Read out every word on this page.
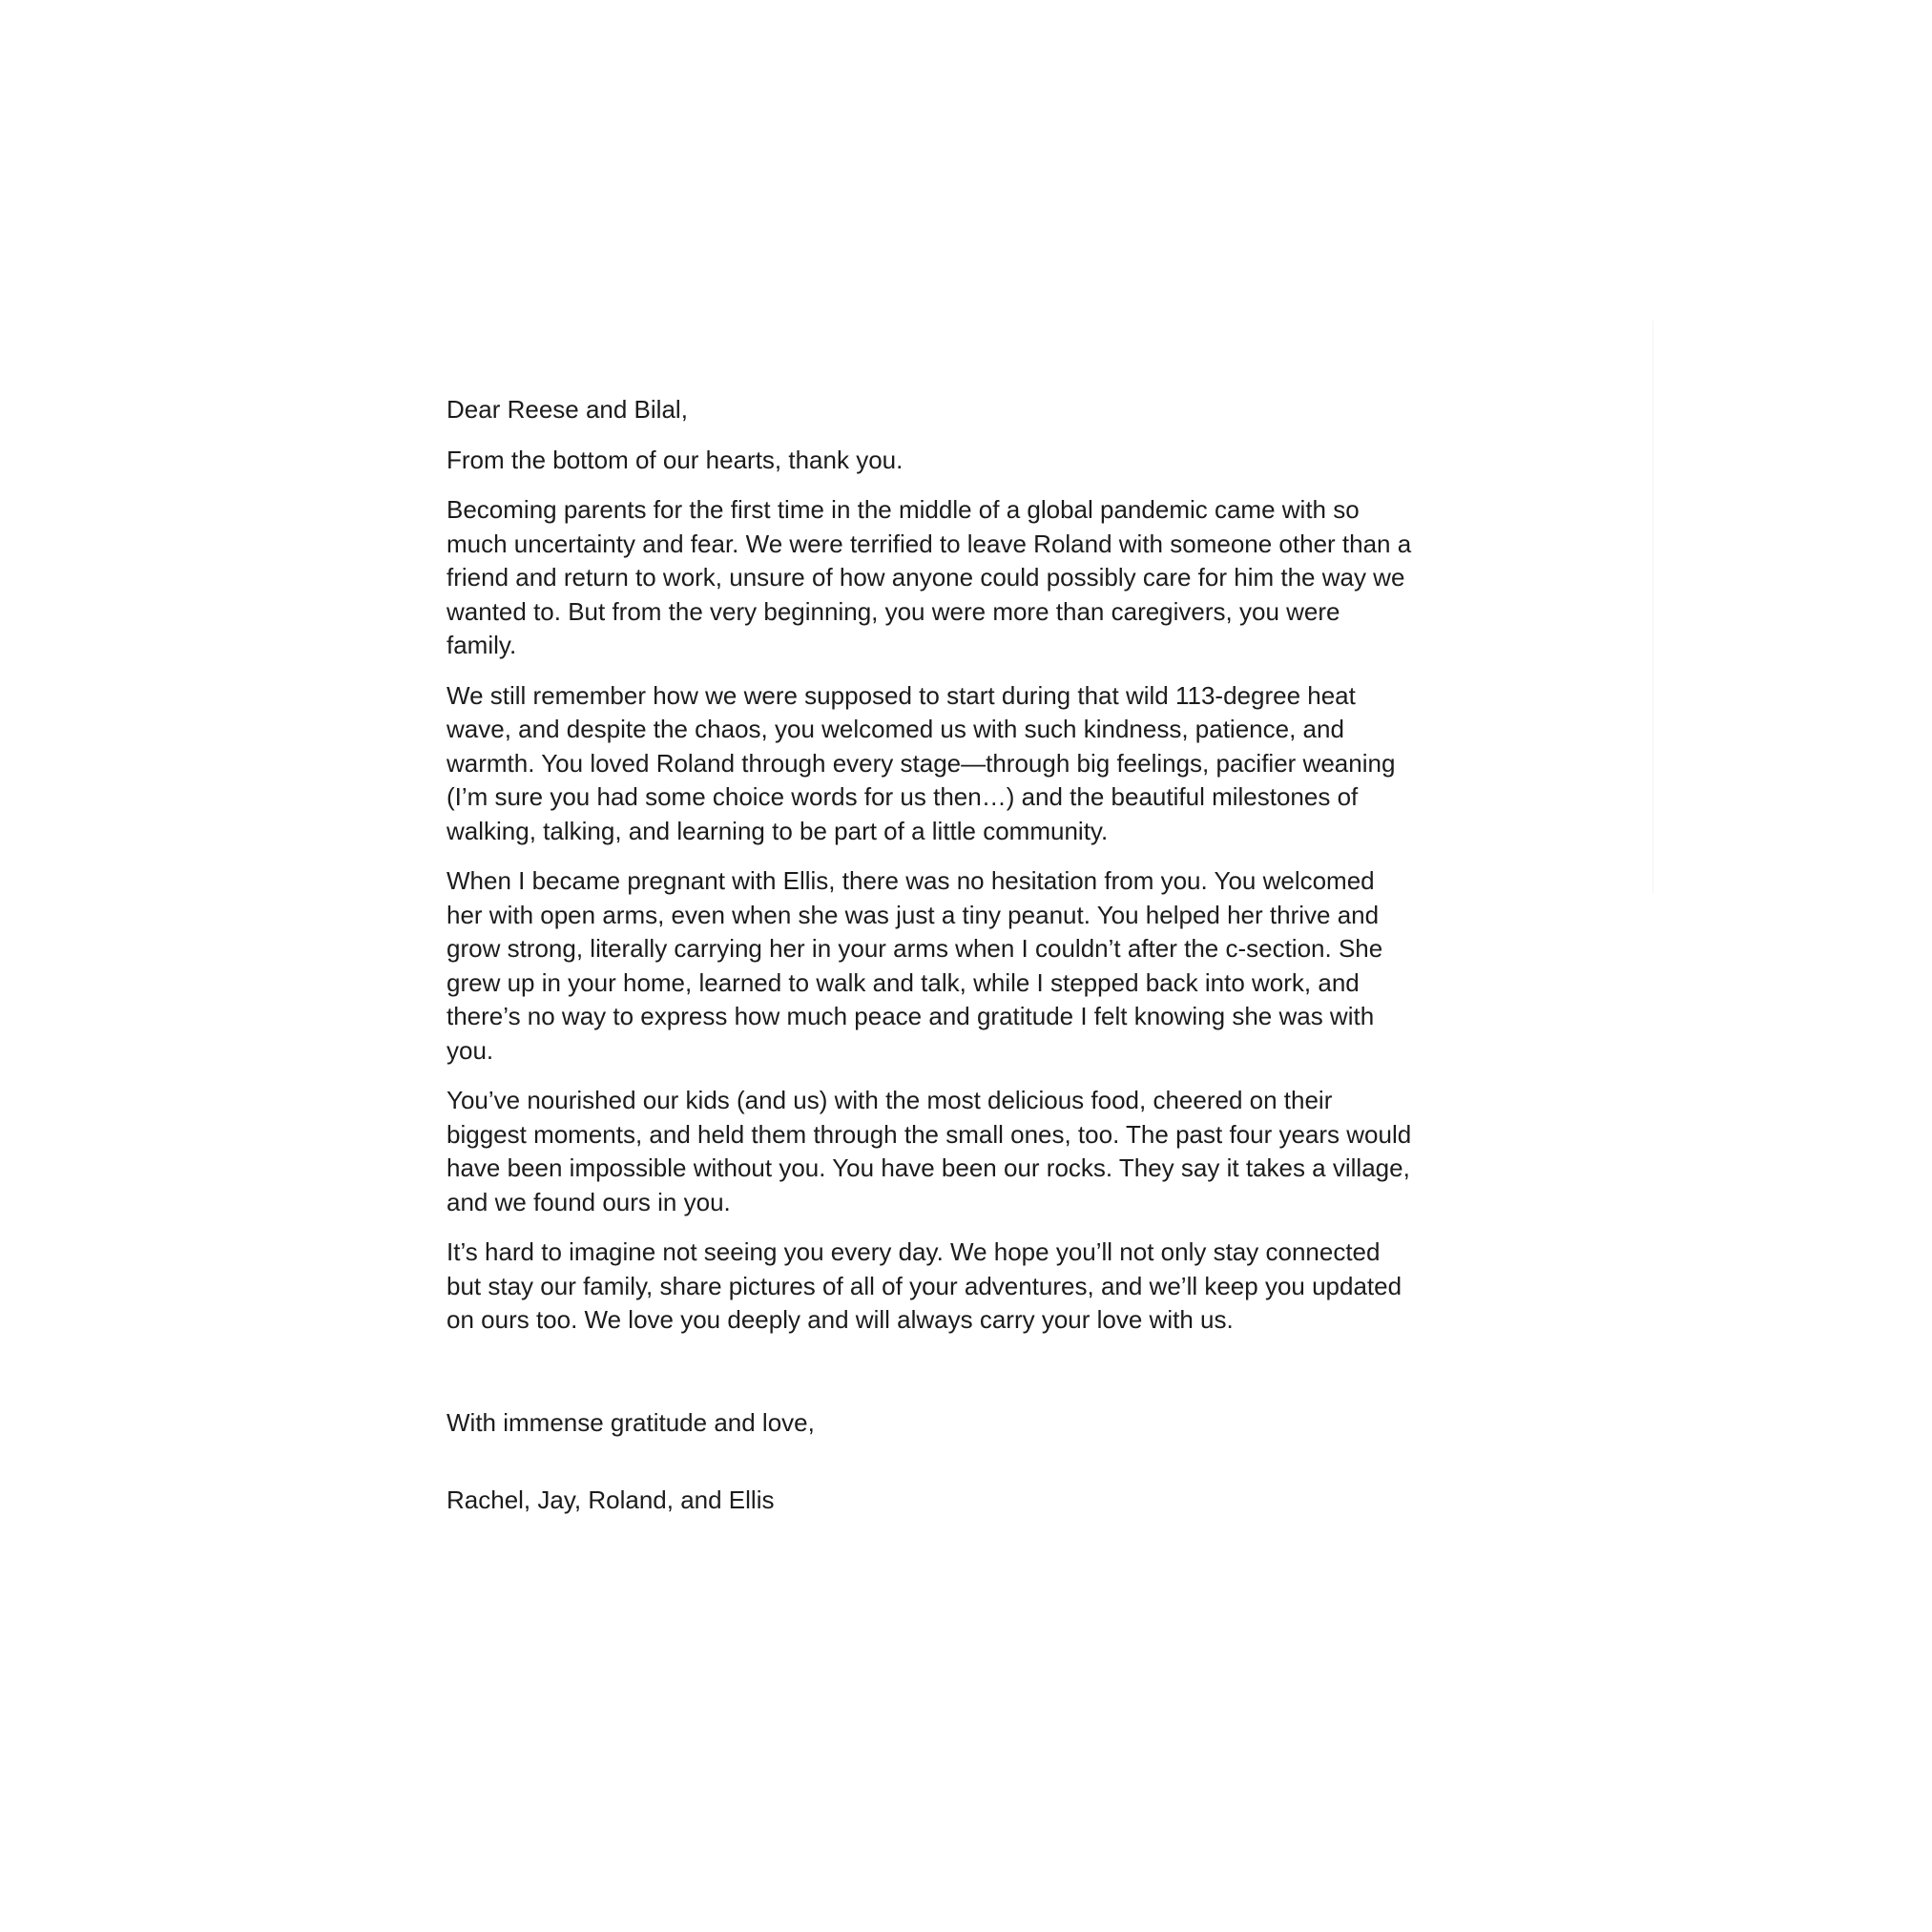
Dear Reese and Bilal,
From the bottom of our hearts, thank you.
Becoming parents for the first time in the middle of a global pandemic came with so
much uncertainty and fear. We were terrified to leave Roland with someone other than a
friend and return to work, unsure of how anyone could possibly care for him the way we
wanted to. But from the very beginning, you were more than caregivers, you were
family.
We still remember how we were supposed to start during that wild 113-degree heat
wave, and despite the chaos, you welcomed us with such kindness, patience, and
warmth. You loved Roland through every stage—through big feelings, pacifier weaning
(I’m sure you had some choice words for us then…) and the beautiful milestones of
walking, talking, and learning to be part of a little community.
When I became pregnant with Ellis, there was no hesitation from you. You welcomed
her with open arms, even when she was just a tiny peanut. You helped her thrive and
grow strong, literally carrying her in your arms when I couldn’t after the c-section. She
grew up in your home, learned to walk and talk, while I stepped back into work, and
there’s no way to express how much peace and gratitude I felt knowing she was with
you.
You’ve nourished our kids (and us) with the most delicious food, cheered on their
biggest moments, and held them through the small ones, too. The past four years would
have been impossible without you. You have been our rocks. They say it takes a village,
and we found ours in you.
It’s hard to imagine not seeing you every day. We hope you’ll not only stay connected
but stay our family, share pictures of all of your adventures, and we’ll keep you updated
on ours too. We love you deeply and will always carry your love with us.
With immense gratitude and love,
Rachel, Jay, Roland, and Ellis
